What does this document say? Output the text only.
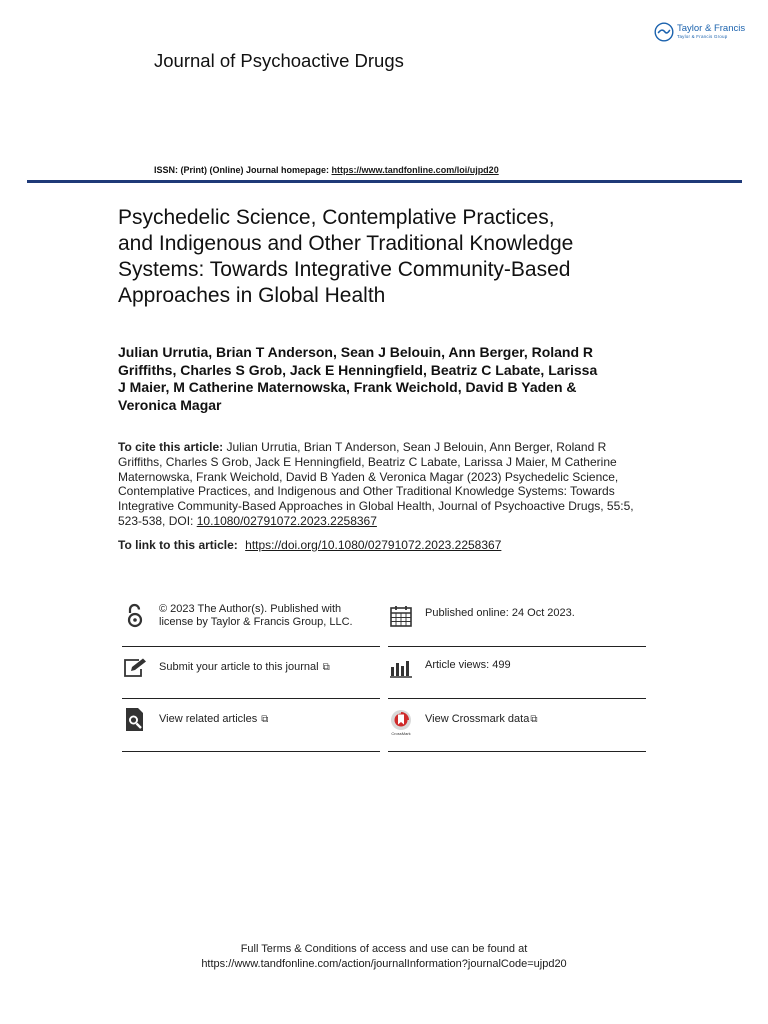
Taylor & Francis
Taylor & Francis Group
Journal of Psychoactive Drugs
ISSN: (Print) (Online) Journal homepage: https://www.tandfonline.com/loi/ujpd20
Psychedelic Science, Contemplative Practices,
and Indigenous and Other Traditional Knowledge
Systems: Towards Integrative Community-Based
Approaches in Global Health
Julian Urrutia, Brian T Anderson, Sean J Belouin, Ann Berger, Roland R
Griffiths, Charles S Grob, Jack E Henningfield, Beatriz C Labate, Larissa
J Maier, M Catherine Maternowska, Frank Weichold, David B Yaden &
Veronica Magar
To cite this article: Julian Urrutia, Brian T Anderson, Sean J Belouin, Ann Berger, Roland R Griffiths, Charles S Grob, Jack E Henningfield, Beatriz C Labate, Larissa J Maier, M Catherine Maternowska, Frank Weichold, David B Yaden & Veronica Magar (2023) Psychedelic Science, Contemplative Practices, and Indigenous and Other Traditional Knowledge Systems: Towards Integrative Community-Based Approaches in Global Health, Journal of Psychoactive Drugs, 55:5, 523-538, DOI: 10.1080/02791072.2023.2258367
To link to this article: https://doi.org/10.1080/02791072.2023.2258367
© 2023 The Author(s). Published with
license by Taylor & Francis Group, LLC.
Published online: 24 Oct 2023.
Submit your article to this journal ⧉	Article views: 499
View related articles ⧉
CrossMark
View Crossmark data⧉
Full Terms & Conditions of access and use can be found at
https://www.tandfonline.com/action/journalInformation?journalCode=ujpd20
